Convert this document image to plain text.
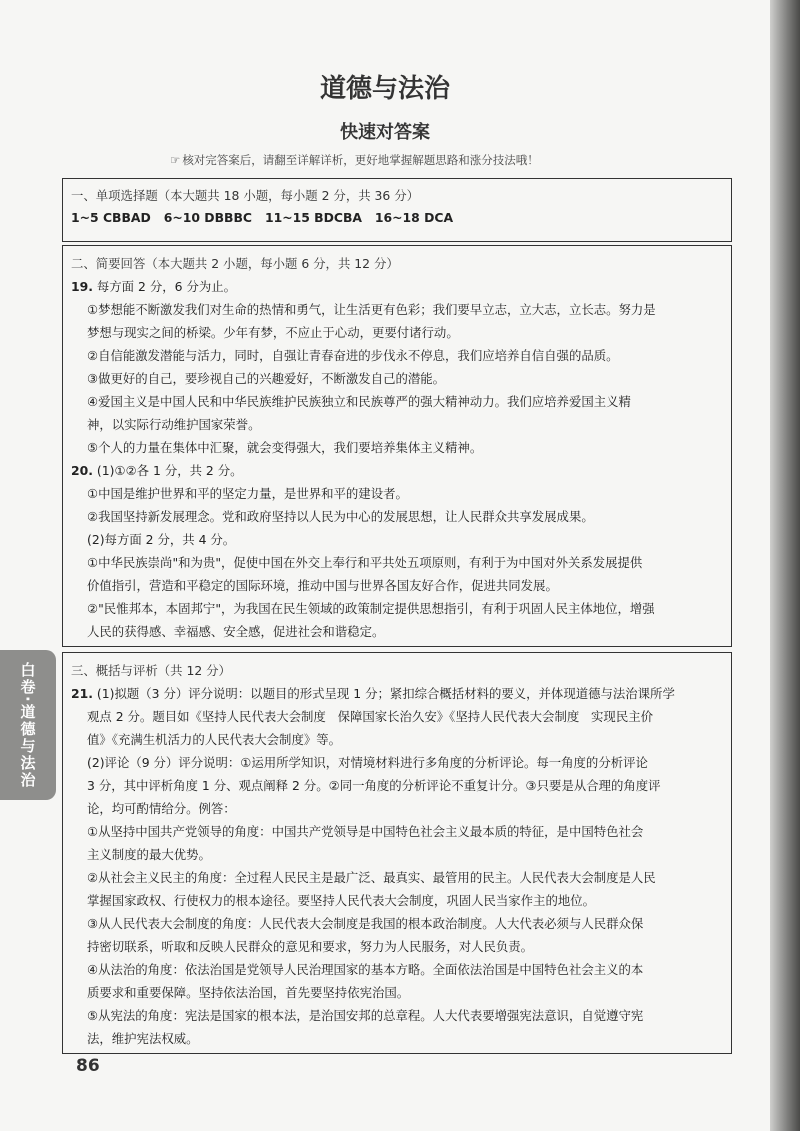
道德与法治
快速对答案
☞ 核对完答案后，请翻至详解详析，更好地掌握解题思路和涨分技法哦！
一、单项选择题（本大题共 18 小题，每小题 2 分，共 36 分）
1~5 CBBAD   6~10 DBBBC   11~15 BDCBA   16~18 DCA
二、简要回答（本大题共 2 小题，每小题 6 分，共 12 分）
19. 每方面 2 分，6 分为止。
①梦想能不断激发我们对生命的热情和勇气，让生活更有色彩；我们要早立志，立大志，立长志。努力是
梦想与现实之间的桥梁。少年有梦，不应止于心动，更要付诸行动。
②自信能激发潜能与活力，同时，自强让青春奋进的步伐永不停息，我们应培养自信自强的品质。
③做更好的自己，要珍视自己的兴趣爱好，不断激发自己的潜能。
④爱国主义是中国人民和中华民族维护民族独立和民族尊严的强大精神动力。我们应培养爱国主义精
神，以实际行动维护国家荣誉。
⑤个人的力量在集体中汇聚，就会变得强大，我们要培养集体主义精神。
20. (1)①②各 1 分，共 2 分。
①中国是维护世界和平的坚定力量，是世界和平的建设者。
②我国坚持新发展理念。党和政府坚持以人民为中心的发展思想，让人民群众共享发展成果。
(2)每方面 2 分，共 4 分。
①中华民族崇尚"和为贵"，促使中国在外交上奉行和平共处五项原则，有利于为中国对外关系发展提供
价值指引，营造和平稳定的国际环境，推动中国与世界各国友好合作，促进共同发展。
②"民惟邦本，本固邦宁"，为我国在民生领域的政策制定提供思想指引，有利于巩固人民主体地位，增强
人民的获得感、幸福感、安全感，促进社会和谐稳定。
三、概括与评析（共 12 分）
21. (1)拟题（3 分）评分说明：以题目的形式呈现 1 分；紧扣综合概括材料的要义，并体现道德与法治课所学
观点 2 分。题目如《坚持人民代表大会制度   保障国家长治久安》《坚持人民代表大会制度   实现民主价
值》《充满生机活力的人民代表大会制度》等。
(2)评论（9 分）评分说明：①运用所学知识，对情境材料进行多角度的分析评论。每一角度的分析评论
3 分，其中评析角度 1 分、观点阐释 2 分。②同一角度的分析评论不重复计分。③只要是从合理的角度评
论，均可酌情给分。例答：
①从坚持中国共产党领导的角度：中国共产党领导是中国特色社会主义最本质的特征，是中国特色社会
主义制度的最大优势。
②从社会主义民主的角度：全过程人民民主是最广泛、最真实、最管用的民主。人民代表大会制度是人民
掌握国家政权、行使权力的根本途径。要坚持人民代表大会制度，巩固人民当家作主的地位。
③从人民代表大会制度的角度：人民代表大会制度是我国的根本政治制度。人大代表必须与人民群众保
持密切联系，听取和反映人民群众的意见和要求，努力为人民服务，对人民负责。
④从法治的角度：依法治国是党领导人民治理国家的基本方略。全面依法治国是中国特色社会主义的本
质要求和重要保障。坚持依法治国，首先要坚持依宪治国。
⑤从宪法的角度：宪法是国家的根本法，是治国安邦的总章程。人大代表要增强宪法意识，自觉遵守宪
法，维护宪法权威。
白卷·道德与法治
86
